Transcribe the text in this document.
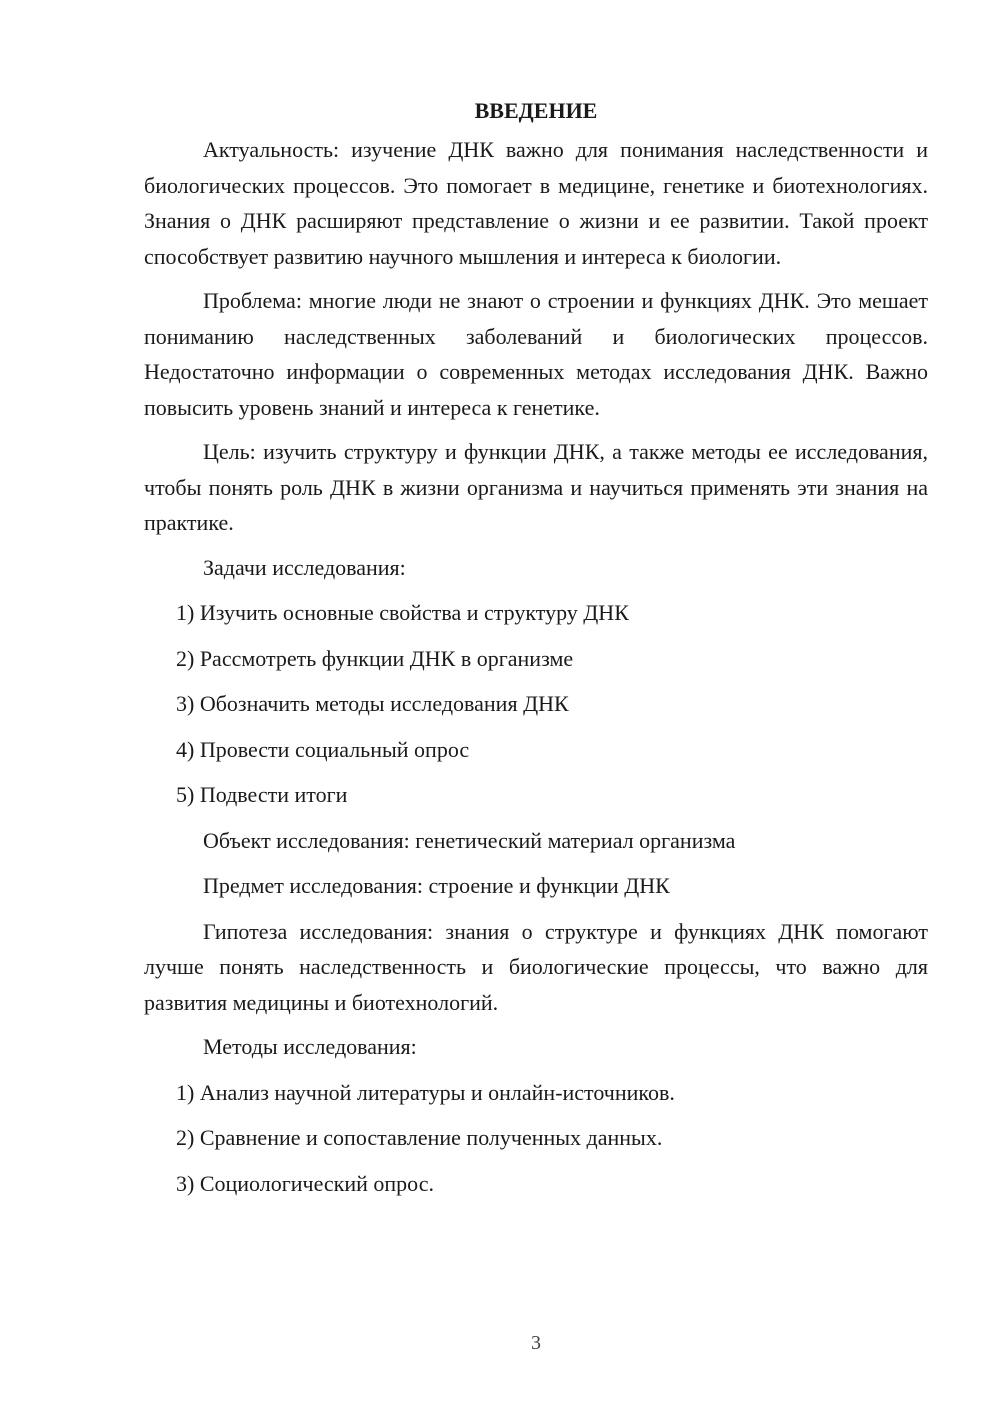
ВВЕДЕНИЕ

Актуальность: изучение ДНК важно для понимания наследственности и биологических процессов. Это помогает в медицине, генетике и биотехнологиях. Знания о ДНК расширяют представление о жизни и ее развитии. Такой проект способствует развитию научного мышления и интереса к биологии.

Проблема: многие люди не знают о строении и функциях ДНК. Это мешает пониманию наследственных заболеваний и биологических процессов. Недостаточно информации о современных методах исследования ДНК. Важно повысить уровень знаний и интереса к генетике.

Цель: изучить структуру и функции ДНК, а также методы ее исследования, чтобы понять роль ДНК в жизни организма и научиться применять эти знания на практике.

Задачи исследования:
1) Изучить основные свойства и структуру ДНК
2) Рассмотреть функции ДНК в организме
3) Обозначить методы исследования ДНК
4) Провести социальный опрос
5) Подвести итоги
Объект исследования: генетический материал организма
Предмет исследования: строение и функции ДНК

Гипотеза исследования: знания о структуре и функциях ДНК помогают лучше понять наследственность и биологические процессы, что важно для развития медицины и биотехнологий.

Методы исследования:
1) Анализ научной литературы и онлайн-источников.
2) Сравнение и сопоставление полученных данных.
3) Социологический опрос.
3
